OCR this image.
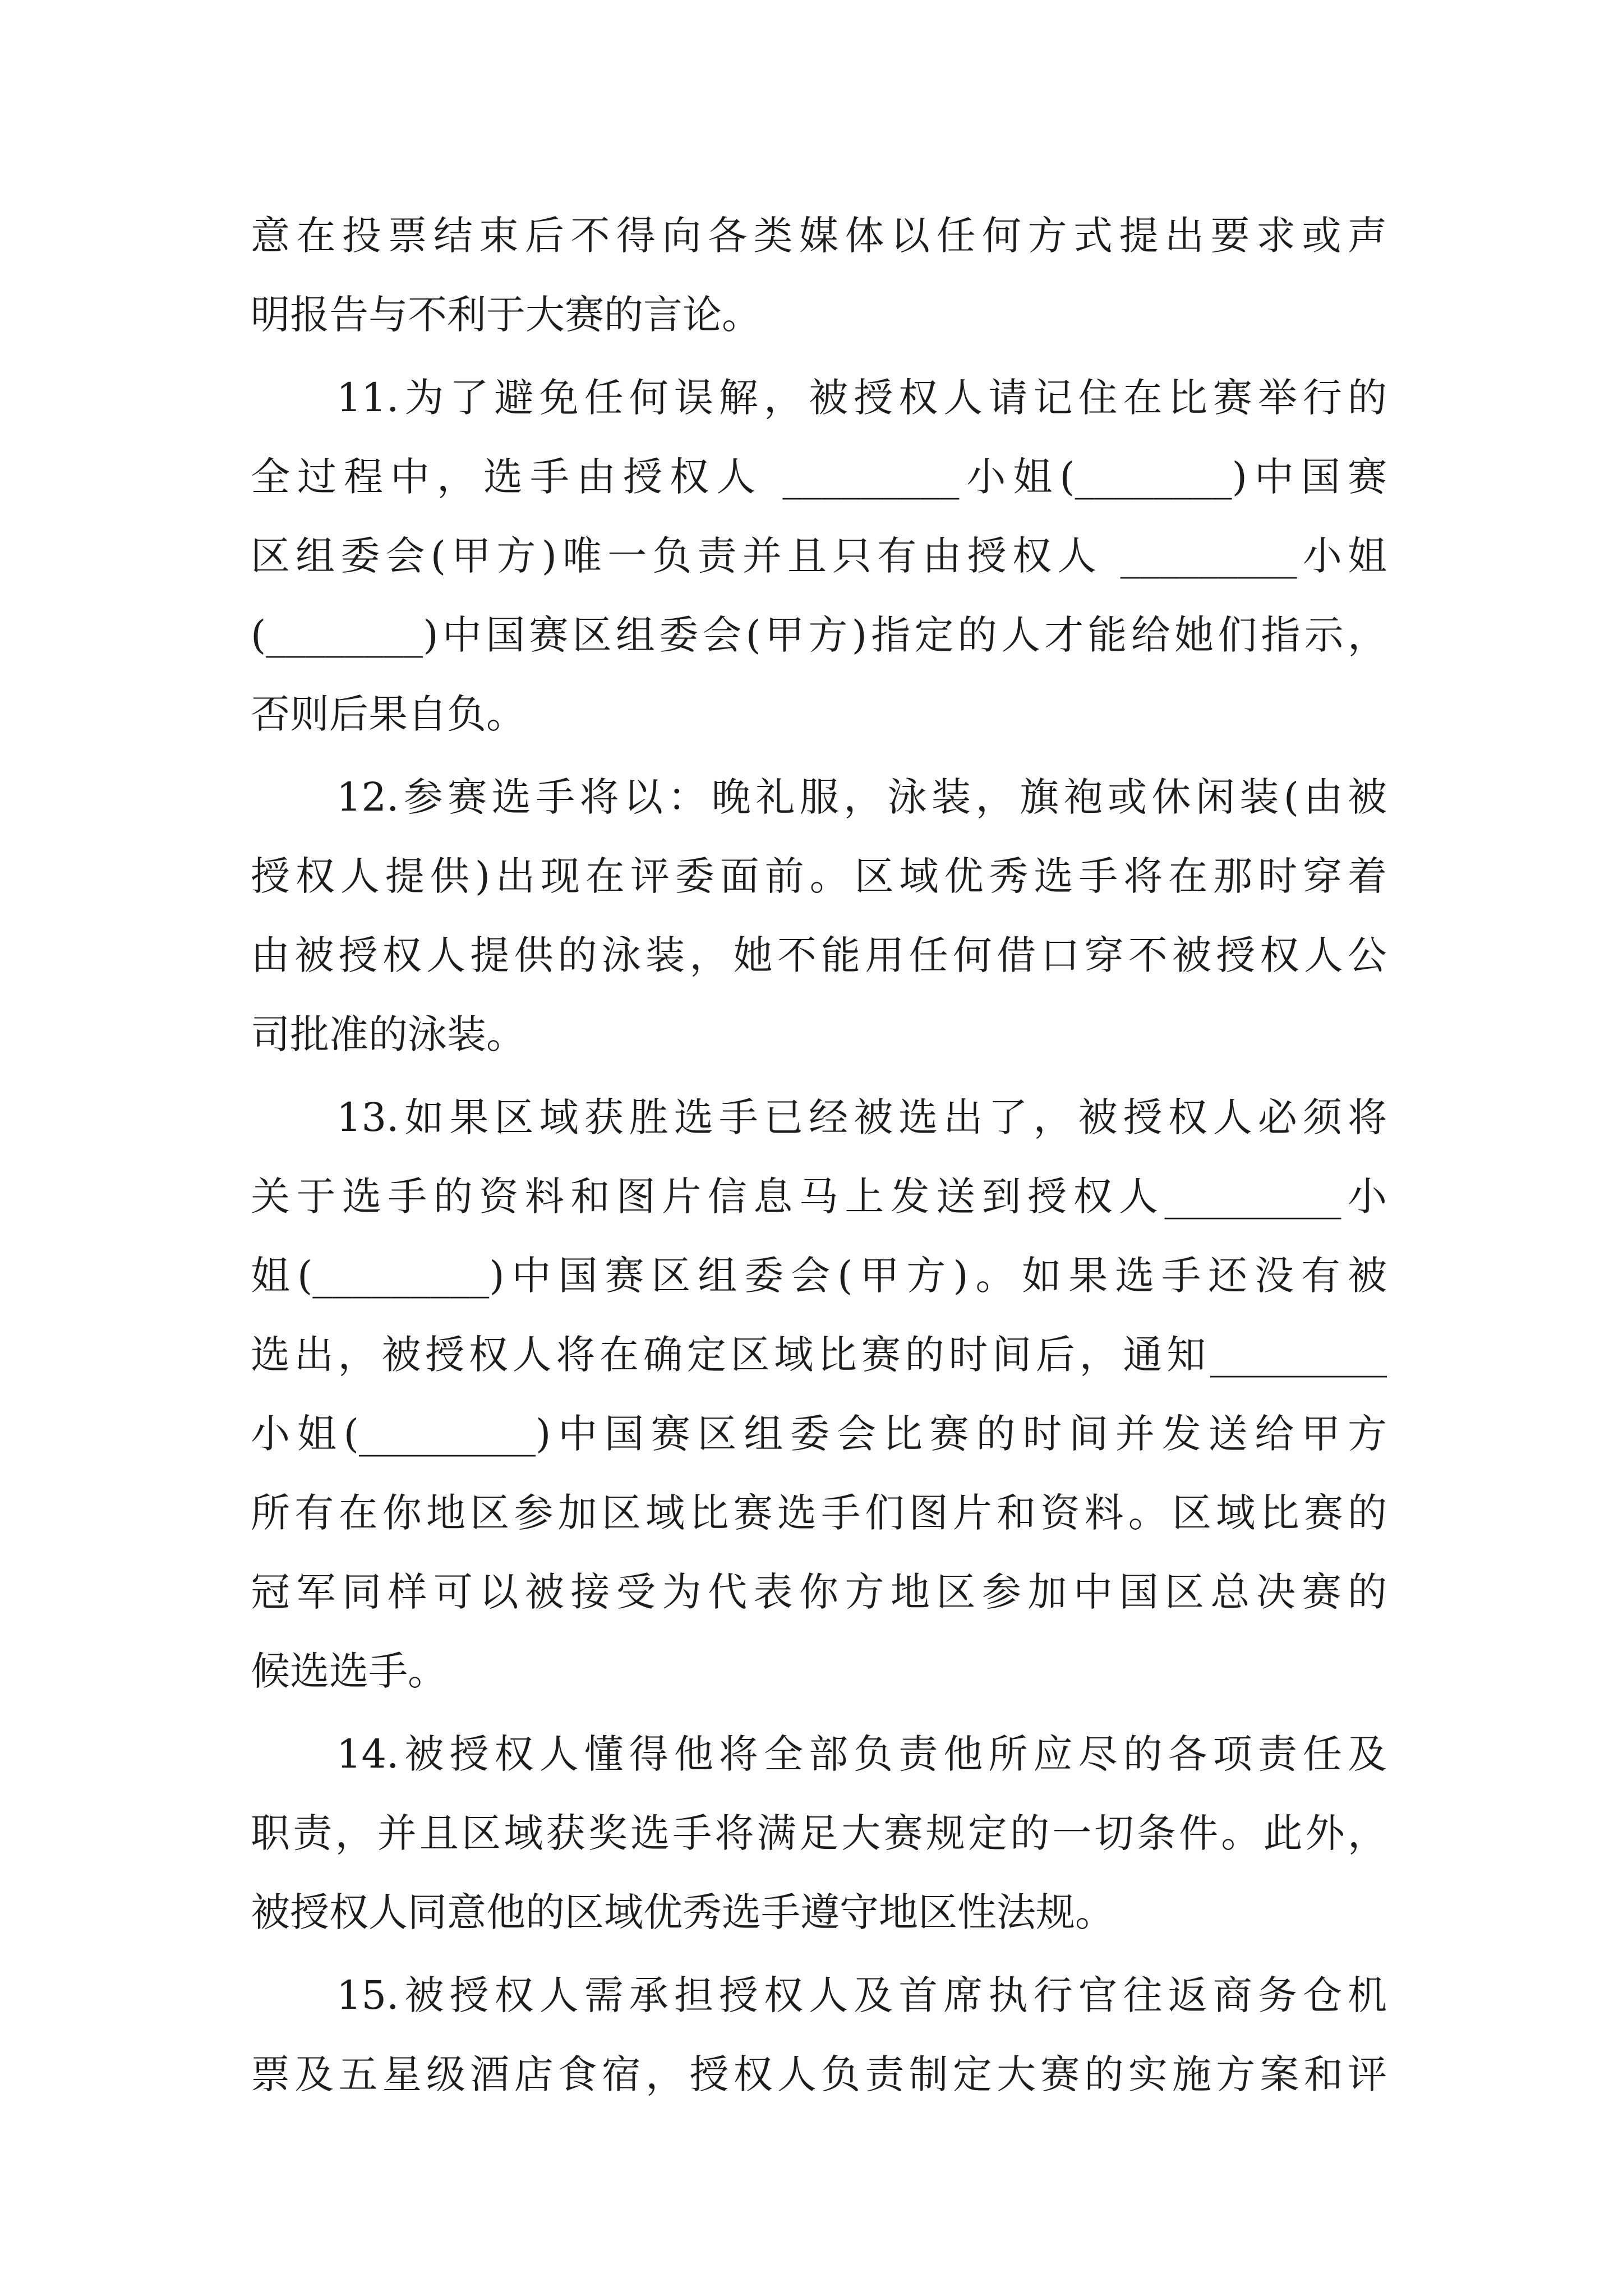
意在投票结束后不得向各类媒体以任何方式提出要求或声
明报告与不利于大赛的言论。
11.为了避免任何误解，被授权人请记住在比赛举行的
全过程中，选手由授权人 _________小姐(________)中国赛
区组委会(甲方)唯一负责并且只有由授权人 _________小姐
(________)中国赛区组委会(甲方)指定的人才能给她们指示，
否则后果自负。
12.参赛选手将以：晚礼服，泳装，旗袍或休闲装(由被
授权人提供)出现在评委面前。区域优秀选手将在那时穿着
由被授权人提供的泳装，她不能用任何借口穿不被授权人公
司批准的泳装。
13.如果区域获胜选手已经被选出了，被授权人必须将
关于选手的资料和图片信息马上发送到授权人_________小
姐(_________)中国赛区组委会(甲方)。如果选手还没有被
选出，被授权人将在确定区域比赛的时间后，通知_________
小姐(_________)中国赛区组委会比赛的时间并发送给甲方
所有在你地区参加区域比赛选手们图片和资料。区域比赛的
冠军同样可以被接受为代表你方地区参加中国区总决赛的
候选选手。
14.被授权人懂得他将全部负责他所应尽的各项责任及
职责，并且区域获奖选手将满足大赛规定的一切条件。此外，
被授权人同意他的区域优秀选手遵守地区性法规。
15.被授权人需承担授权人及首席执行官往返商务仓机
票及五星级酒店食宿，授权人负责制定大赛的实施方案和评
